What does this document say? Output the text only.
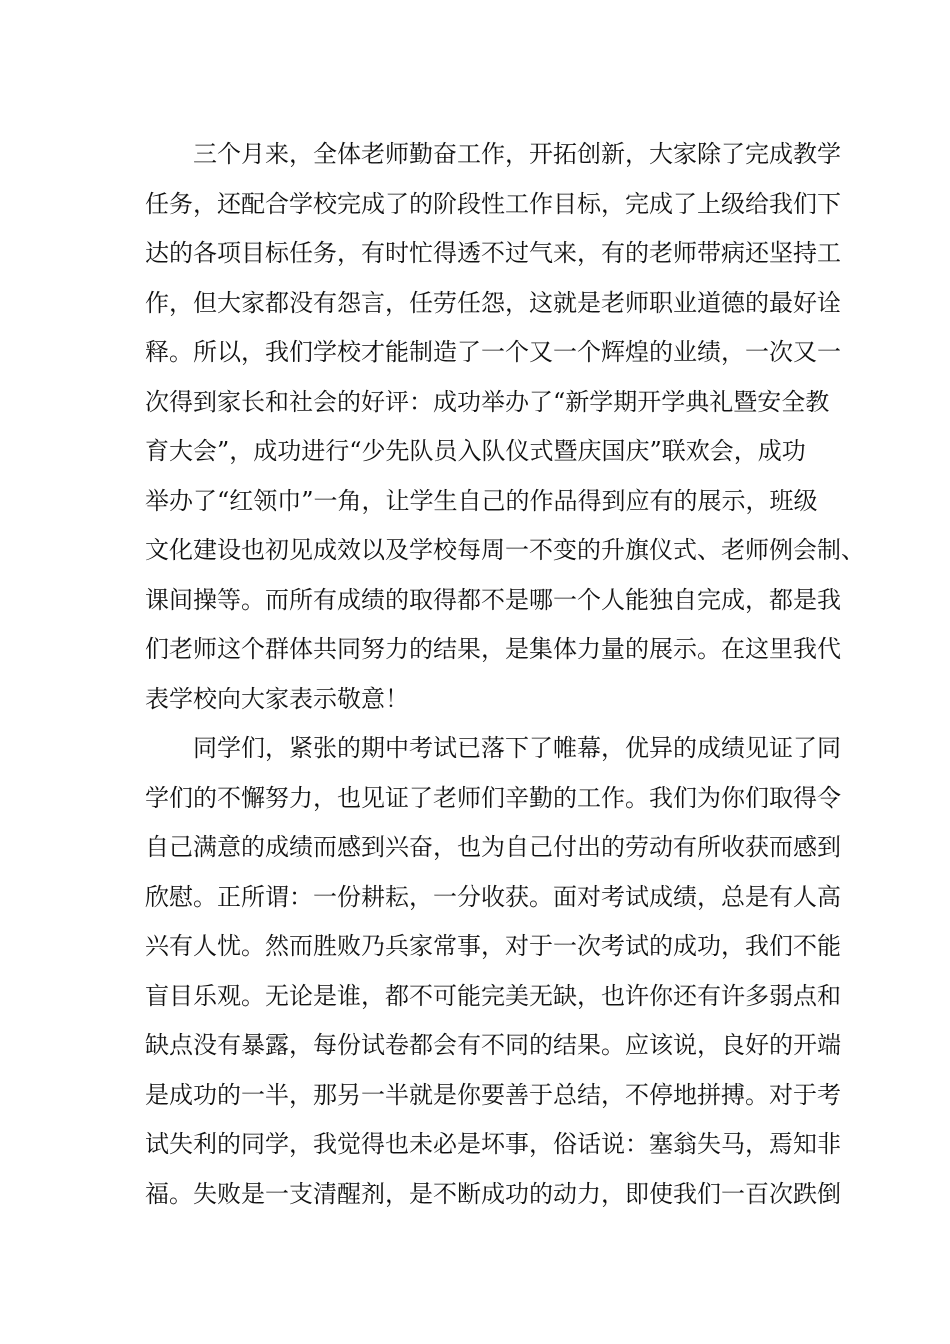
三个月来，全体老师勤奋工作，开拓创新，大家除了完成教学
任务，还配合学校完成了的阶段性工作目标，完成了上级给我们下
达的各项目标任务，有时忙得透不过气来，有的老师带病还坚持工
作，但大家都没有怨言，任劳任怨，这就是老师职业道德的最好诠
释。所以，我们学校才能制造了一个又一个辉煌的业绩，一次又一
次得到家长和社会的好评：成功举办了“新学期开学典礼暨安全教
育大会”，成功进行“少先队员入队仪式暨庆国庆”联欢会，成功
举办了“红领巾”一角，让学生自己的作品得到应有的展示，班级
文化建设也初见成效以及学校每周一不变的升旗仪式、老师例会制、
课间操等。而所有成绩的取得都不是哪一个人能独自完成，都是我
们老师这个群体共同努力的结果，是集体力量的展示。在这里我代
表学校向大家表示敬意！
同学们，紧张的期中考试已落下了帷幕，优异的成绩见证了同
学们的不懈努力，也见证了老师们辛勤的工作。我们为你们取得令
自己满意的成绩而感到兴奋，也为自己付出的劳动有所收获而感到
欣慰。正所谓：一份耕耘，一分收获。面对考试成绩，总是有人高
兴有人忧。然而胜败乃兵家常事，对于一次考试的成功，我们不能
盲目乐观。无论是谁，都不可能完美无缺，也许你还有许多弱点和
缺点没有暴露，每份试卷都会有不同的结果。应该说，良好的开端
是成功的一半，那另一半就是你要善于总结，不停地拼搏。对于考
试失利的同学，我觉得也未必是坏事，俗话说：塞翁失马，焉知非
福。失败是一支清醒剂，是不断成功的动力，即使我们一百次跌倒
